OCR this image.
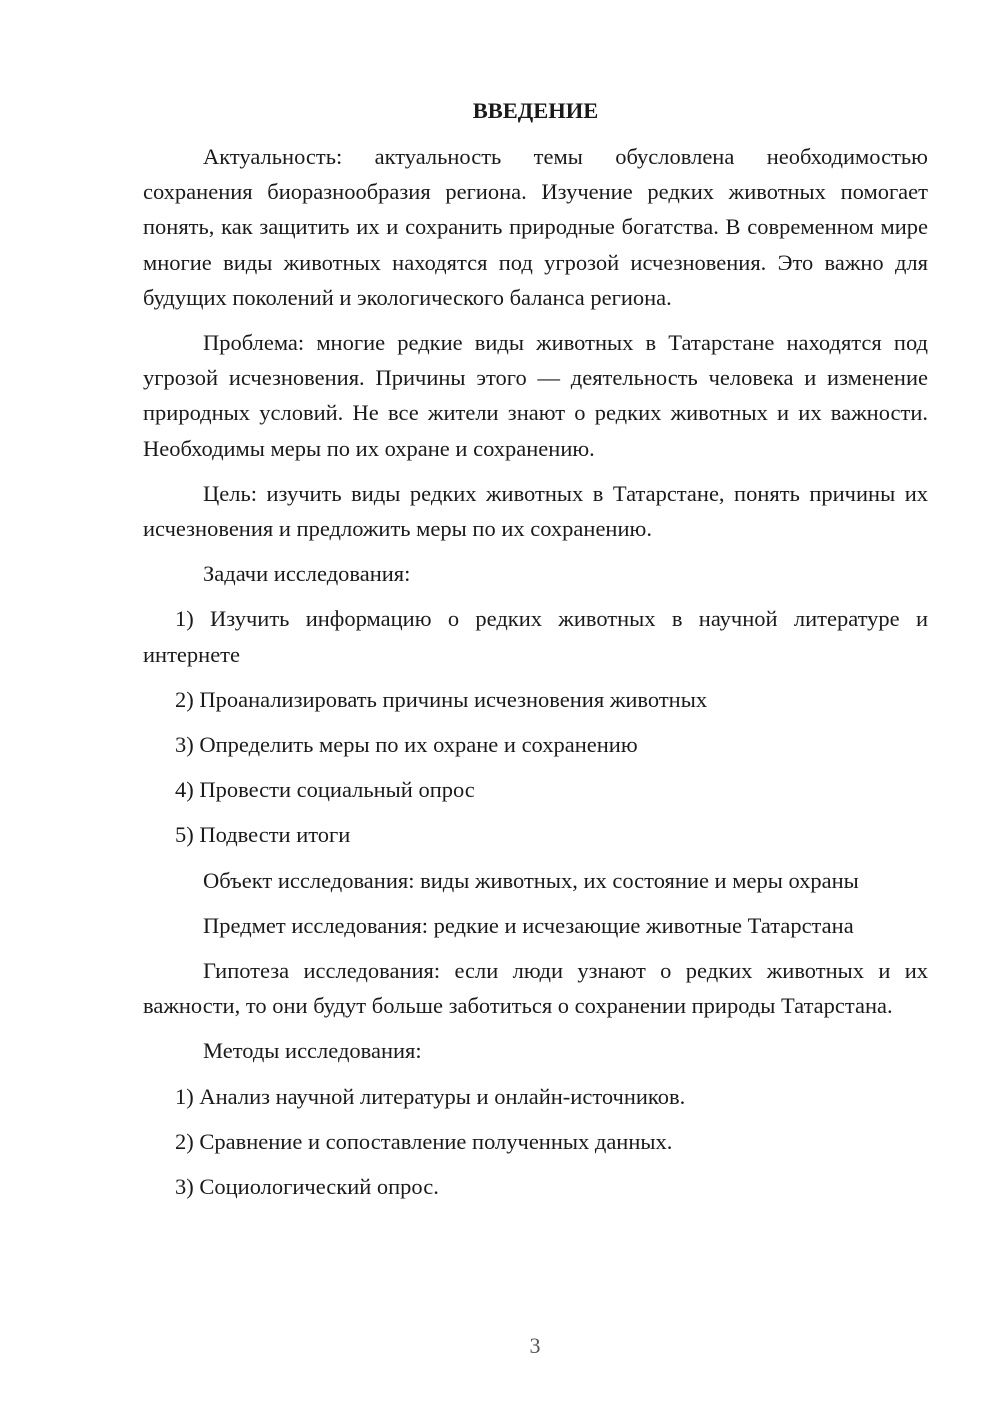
ВВЕДЕНИЕ

Актуальность: актуальность темы обусловлена необходимостью сохранения биоразнообразия региона. Изучение редких животных помогает понять, как защитить их и сохранить природные богатства. В современном мире многие виды животных находятся под угрозой исчезновения. Это важно для будущих поколений и экологического баланса региона.

Проблема: многие редкие виды животных в Татарстане находятся под угрозой исчезновения. Причины этого — деятельность человека и изменение природных условий. Не все жители знают о редких животных и их важности. Необходимы меры по их охране и сохранению.

Цель: изучить виды редких животных в Татарстане, понять причины их исчезновения и предложить меры по их сохранению.

Задачи исследования:

1) Изучить информацию о редких животных в научной литературе и интернете

2) Проанализировать причины исчезновения животных

3) Определить меры по их охране и сохранению

4) Провести социальный опрос

5) Подвести итоги

Объект исследования: виды животных, их состояние и меры охраны

Предмет исследования: редкие и исчезающие животные Татарстана

Гипотеза исследования: если люди узнают о редких животных и их важности, то они будут больше заботиться о сохранении природы Татарстана.

Методы исследования:

1) Анализ научной литературы и онлайн-источников.

2) Сравнение и сопоставление полученных данных.

3) Социологический опрос.

3
